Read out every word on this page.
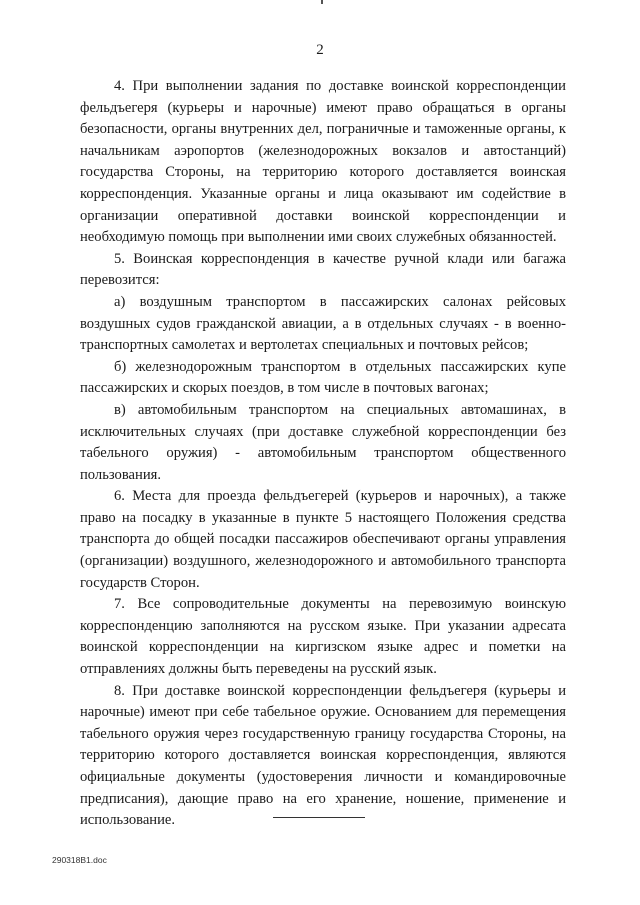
2

4. При выполнении задания по доставке воинской корреспонденции фельдъегеря (курьеры и нарочные) имеют право обращаться в органы безопасности, органы внутренних дел, пограничные и таможенные органы, к начальникам аэропортов (железнодорожных вокзалов и автостанций) государства Стороны, на территорию которого доставляется воинская корреспонденция. Указанные органы и лица оказывают им содействие в организации оперативной доставки воинской корреспонденции и необходимую помощь при выполнении ими своих служебных обязанностей.

5. Воинская корреспонденция в качестве ручной клади или багажа перевозится:

а) воздушным транспортом в пассажирских салонах рейсовых воздушных судов гражданской авиации, а в отдельных случаях - в военно-транспортных самолетах и вертолетах специальных и почтовых рейсов;

б) железнодорожным транспортом в отдельных пассажирских купе пассажирских и скорых поездов, в том числе в почтовых вагонах;

в) автомобильным транспортом на специальных автомашинах, в исключительных случаях (при доставке служебной корреспонденции без табельного оружия) - автомобильным транспортом общественного пользования.

6. Места для проезда фельдъегерей (курьеров и нарочных), а также право на посадку в указанные в пункте 5 настоящего Положения средства транспорта до общей посадки пассажиров обеспечивают органы управления (организации) воздушного, железнодорожного и автомобильного транспорта государств Сторон.

7. Все сопроводительные документы на перевозимую воинскую корреспонденцию заполняются на русском языке. При указании адресата воинской корреспонденции на киргизском языке адрес и пометки на отправлениях должны быть переведены на русский язык.

8. При доставке воинской корреспонденции фельдъегеря (курьеры и нарочные) имеют при себе табельное оружие. Основанием для перемещения табельного оружия через государственную границу государства Стороны, на территорию которого доставляется воинская корреспонденция, являются официальные документы (удостоверения личности и командировочные предписания), дающие право на его хранение, ношение, применение и использование.

290318B1.doc
